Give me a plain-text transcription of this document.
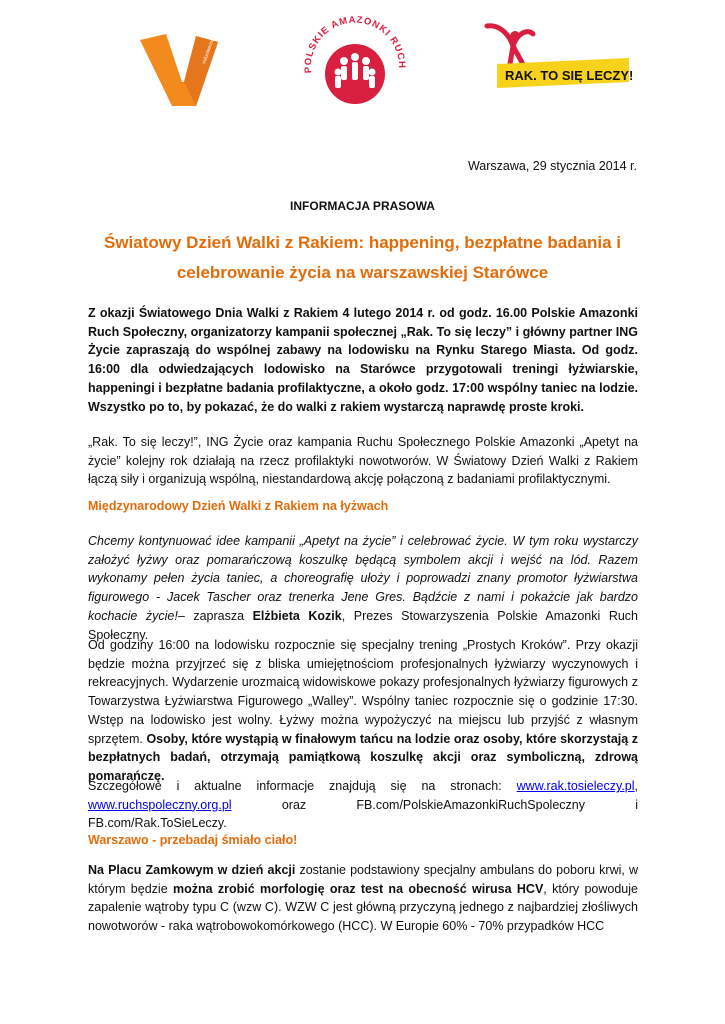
volunteering
POLSKIE AMAZONKI RUCH
RAK. TO SIĘ LECZY!
Warszawa, 29 stycznia 2014 r.
INFORMACJA PRASOWA
Światowy Dzień Walki z Rakiem: happening, bezpłatne badania i
celebrowanie życia na warszawskiej Starówce
Z okazji Światowego Dnia Walki z Rakiem 4 lutego 2014 r. od godz. 16.00 Polskie Amazonki Ruch Społeczny, organizatorzy kampanii społecznej „Rak. To się leczy” i główny partner ING Życie zapraszają do wspólnej zabawy na lodowisku na Rynku Starego Miasta. Od godz. 16:00 dla odwiedzających lodowisko na Starówce przygotowali treningi łyżwiarskie, happeningi i bezpłatne badania profilaktyczne, a około godz. 17:00 wspólny taniec na lodzie. Wszystko po to, by pokazać, że do walki z rakiem wystarczą naprawdę proste kroki.
„Rak. To się leczy!”, ING Życie oraz kampania Ruchu Społecznego Polskie Amazonki „Apetyt na życie” kolejny rok działają na rzecz profilaktyki nowotworów. W Światowy Dzień Walki z Rakiem łączą siły i organizują wspólną, niestandardową akcję połączoną z badaniami profilaktycznymi.
Międzynarodowy Dzień Walki z Rakiem na łyżwach
Chcemy kontynuować idee kampanii „Apetyt na życie” i celebrować życie. W tym roku wystarczy założyć łyżwy oraz pomarańczową koszulkę będącą symbolem akcji i wejść na lód. Razem wykonamy pełen życia taniec, a choreografię ułoży i poprowadzi znany promotor łyżwiarstwa figurowego - Jacek Tascher oraz trenerka Jene Gres. Bądźcie z nami i pokażcie jak bardzo kochacie życie!– zaprasza Elżbieta Kozik, Prezes Stowarzyszenia Polskie Amazonki Ruch Społeczny.
Od godziny 16:00 na lodowisku rozpocznie się specjalny trening „Prostych Kroków”. Przy okazji będzie można przyjrzeć się z bliska umiejętnościom profesjonalnych łyżwiarzy wyczynowych i rekreacyjnych. Wydarzenie urozmaicą widowiskowe pokazy profesjonalnych łyżwiarzy figurowych z Towarzystwa Łyżwiarstwa Figurowego „Walley”. Wspólny taniec rozpocznie się o godzinie 17:30. Wstęp na lodowisko jest wolny. Łyżwy można wypożyczyć na miejscu lub przyjść z własnym sprzętem. Osoby, które wystąpią w finałowym tańcu na lodzie oraz osoby, które skorzystają z bezpłatnych badań, otrzymają pamiątkową koszulkę akcji oraz symboliczną, zdrową pomarańczę.
Szczegółowe i aktualne informacje znajdują się na stronach: www.rak.tosieleczy.pl, www.ruchspoleczny.org.pl	oraz FB.com/PolskieAmazonkiRuchSpoleczny i FB.com/Rak.ToSieLeczy.
Warszawo - przebadaj śmiało ciało!
Na Placu Zamkowym w dzień akcji zostanie podstawiony specjalny ambulans do poboru krwi, w którym będzie można zrobić morfologię oraz test na obecność wirusa HCV, który powoduje zapalenie wątroby typu C (wzw C). WZW C jest główną przyczyną jednego z najbardziej złośliwych nowotworów - raka wątrobowokomórkowego (HCC). W Europie 60% - 70% przypadków HCC
